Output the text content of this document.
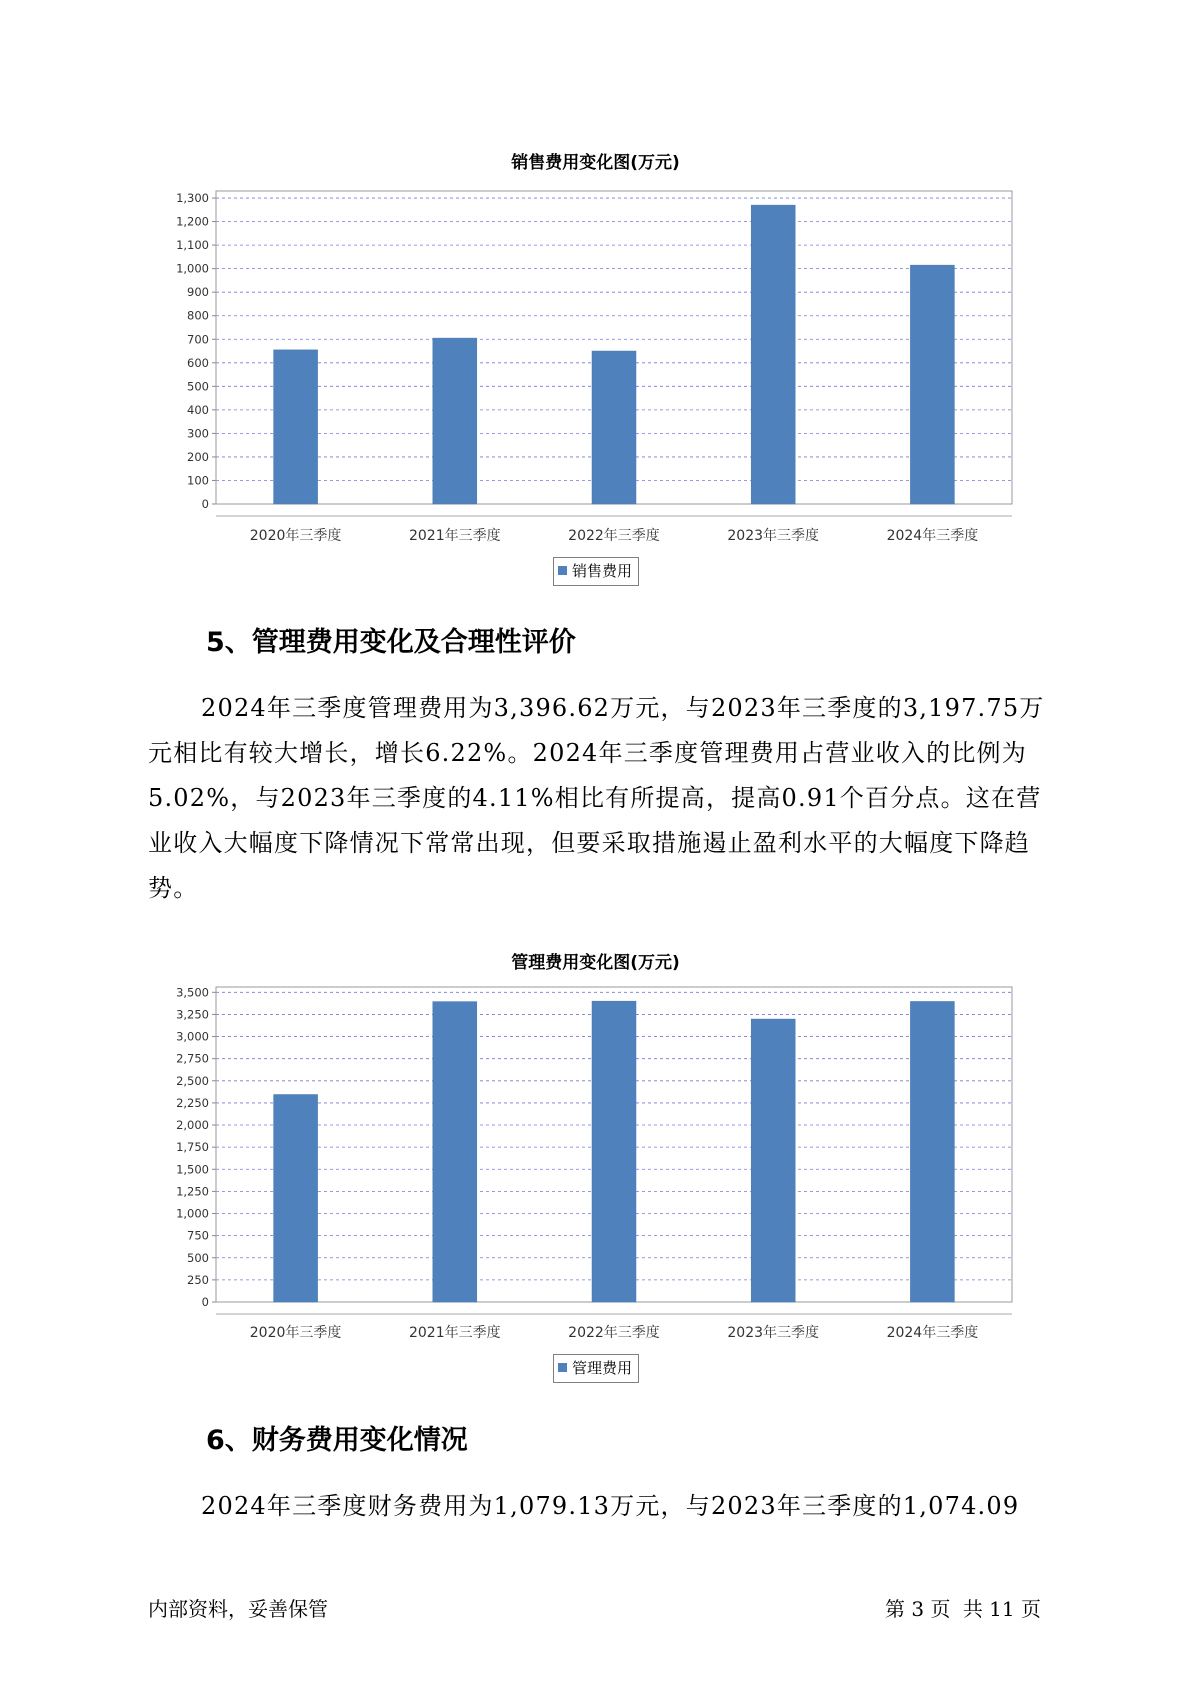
销售费用变化图(万元)
0
100
200
300
400
500
600
700
800
900
1,000
1,100
1,200
1,300
2020年三季度	2021年三季度	2022年三季度	2023年三季度	2024年三季度
销售费用
5、管理费用变化及合理性评价

2024年三季度管理费用为3,396.62万元，与2023年三季度的3,197.75万元相比有较大增长，增长6.22%。2024年三季度管理费用占营业收入的比例为5.02%，与2023年三季度的4.11%相比有所提高，提高0.91个百分点。这在营业收入大幅度下降情况下常常出现，但要采取措施遏止盈利水平的大幅度下降趋势。

管理费用变化图(万元)
0
250
500
750
1,000
1,250
1,500
1,750
2,000
2,250
2,500
2,750
3,000
3,250
3,500
2020年三季度	2021年三季度	2022年三季度	2023年三季度	2024年三季度
管理费用
6、财务费用变化情况

2024年三季度财务费用为1,079.13万元，与2023年三季度的1,074.09

内部资料，妥善保管	第 3 页 共 11 页
